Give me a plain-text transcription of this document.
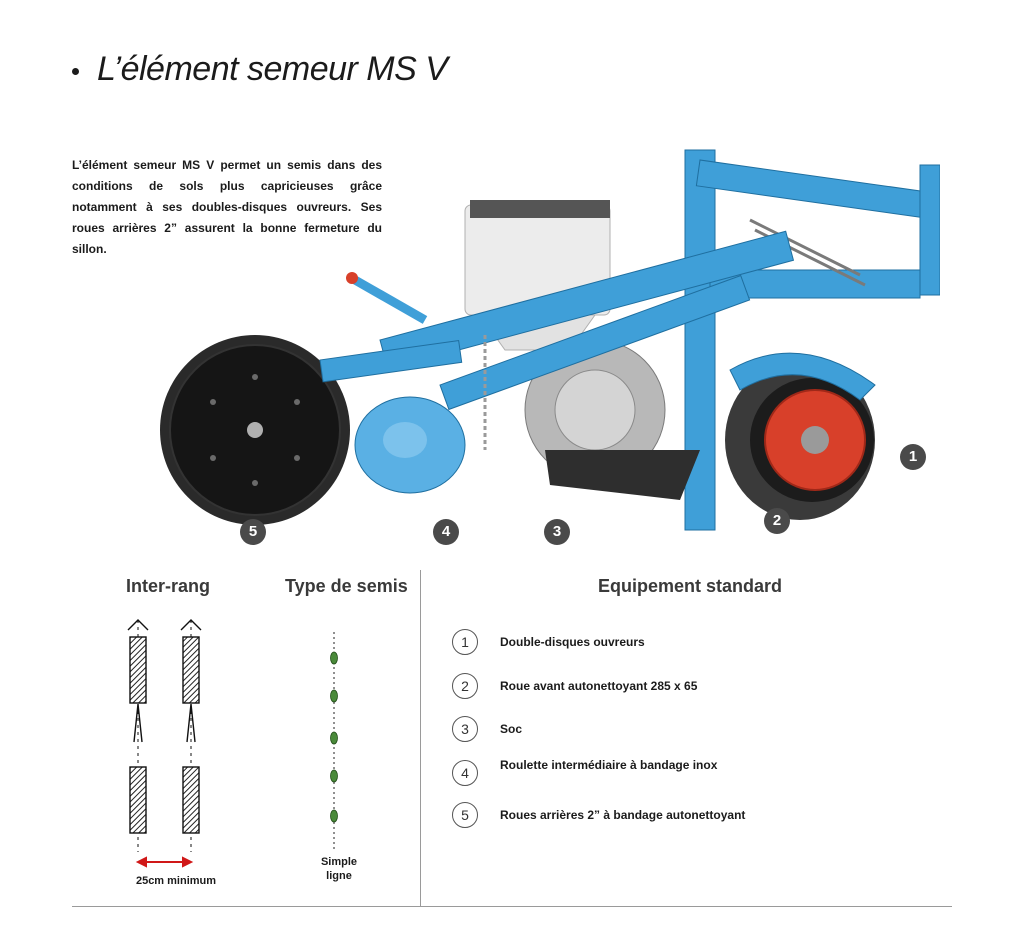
L’élément semeur MS V
L’élément semeur MS V permet un semis dans des conditions de sols plus capricieuses grâce notamment à ses doubles-disques ouvreurs. Ses roues arrières 2” assurent la bonne fermeture du sillon.
1
2
3
4
5
Inter-rang
25cm minimum
Type de semis
Simple
ligne
Equipement standard
1	Double-disques ouvreurs
2	Roue avant autonettoyant 285 x 65
3	Soc
4	Roulette intermédiaire à bandage inox
5	Roues arrières 2” à bandage autonettoyant
